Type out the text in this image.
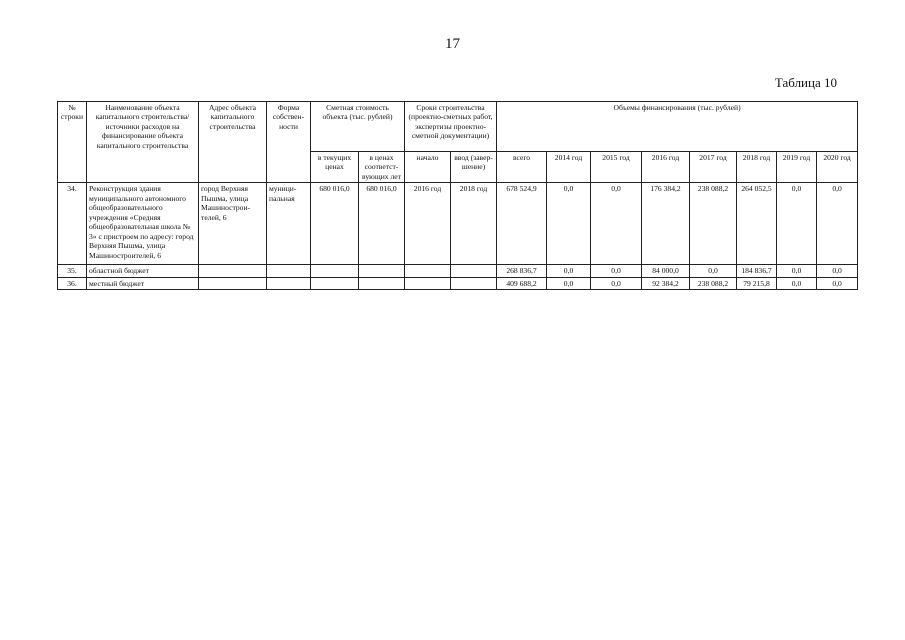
17
Таблица 10
№ строки	Наименование объекта капитального строительства/ источники расходов на финансирование объекта капитального строительства	Адрес объекта капитального строительства	Форма собствен-ности	Сметная стоимость объекта (тыс. рублей)		Сроки строительства (проектно-сметных работ, экспертизы проектно-сметной документации)		Объемы финансирования (тыс. рублей)							
				в текущих ценах	в ценах соответст-вующих лет	начало	ввод (завер-шение)	всего	2014 год	2015 год	2016 год	2017 год	2018 год	2019 год	2020 год
34.	Реконструкция здания муниципального автономного общеобразовательного учреждения «Средняя общеобразовательная школа № 3» с пристроем по адресу: город Верхняя Пышма, улица Машиностроителей, 6	город Верхняя Пышма, улица Машинострои-телей, 6	муници-пальная	680 016,0	680 016,0	2016 год	2018 год	678 524,9	0,0	0,0	176 384,2	238 088,2	264 052,5	0,0	0,0
35.	областной бюджет							268 836,7	0,0	0,0	84 000,0	0,0	184 836,7	0,0	0,0
36.	местный бюджет							409 688,2	0,0	0,0	92 384,2	238 088,2	79 215,8	0,0	0,0
